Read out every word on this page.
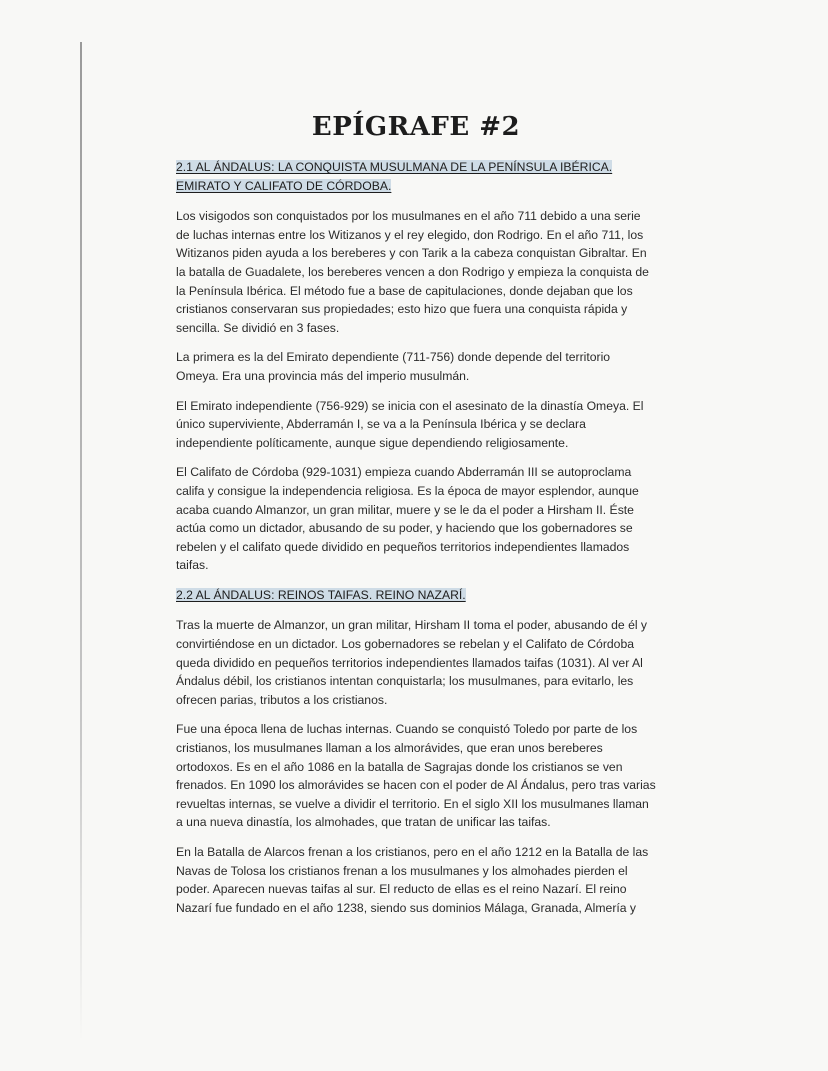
EPÍGRAFE #2
2.1 AL ÁNDALUS: LA CONQUISTA MUSULMANA DE LA PENÍNSULA IBÉRICA. EMIRATO Y CALIFATO DE CÓRDOBA.

Los visigodos son conquistados por los musulmanes en el año 711 debido a una serie de luchas internas entre los Witizanos y el rey elegido, don Rodrigo. En el año 711, los Witizanos piden ayuda a los bereberes y con Tarik a la cabeza conquistan Gibraltar. En la batalla de Guadalete, los bereberes vencen a don Rodrigo y empieza la conquista de la Península Ibérica. El método fue a base de capitulaciones, donde dejaban que los cristianos conservaran sus propiedades; esto hizo que fuera una conquista rápida y sencilla. Se dividió en 3 fases.

La primera es la del Emirato dependiente (711-756) donde depende del territorio Omeya. Era una provincia más del imperio musulmán.

El Emirato independiente (756-929) se inicia con el asesinato de la dinastía Omeya. El único superviviente, Abderramán I, se va a la Península Ibérica y se declara independiente políticamente, aunque sigue dependiendo religiosamente.

El Califato de Córdoba (929-1031) empieza cuando Abderramán III se autoproclama califa y consigue la independencia religiosa. Es la época de mayor esplendor, aunque acaba cuando Almanzor, un gran militar, muere y se le da el poder a Hirsham II. Éste actúa como un dictador, abusando de su poder, y haciendo que los gobernadores se rebelen y el califato quede dividido en pequeños territorios independientes llamados taifas.

2.2 AL ÁNDALUS: REINOS TAIFAS. REINO NAZARÍ.

Tras la muerte de Almanzor, un gran militar, Hirsham II toma el poder, abusando de él y convirtiéndose en un dictador. Los gobernadores se rebelan y el Califato de Córdoba queda dividido en pequeños territorios independientes llamados taifas (1031). Al ver Al Ándalus débil, los cristianos intentan conquistarla; los musulmanes, para evitarlo, les ofrecen parias, tributos a los cristianos.

Fue una época llena de luchas internas. Cuando se conquistó Toledo por parte de los cristianos, los musulmanes llaman a los almorávides, que eran unos bereberes ortodoxos. Es en el año 1086 en la batalla de Sagrajas donde los cristianos se ven frenados. En 1090 los almorávides se hacen con el poder de Al Ándalus, pero tras varias revueltas internas, se vuelve a dividir el territorio. En el siglo XII los musulmanes llaman a una nueva dinastía, los almohades, que tratan de unificar las taifas.

En la Batalla de Alarcos frenan a los cristianos, pero en el año 1212 en la Batalla de las Navas de Tolosa los cristianos frenan a los musulmanes y los almohades pierden el poder. Aparecen nuevas taifas al sur. El reducto de ellas es el reino Nazarí. El reino Nazarí fue fundado en el año 1238, siendo sus dominios Málaga, Granada, Almería y
